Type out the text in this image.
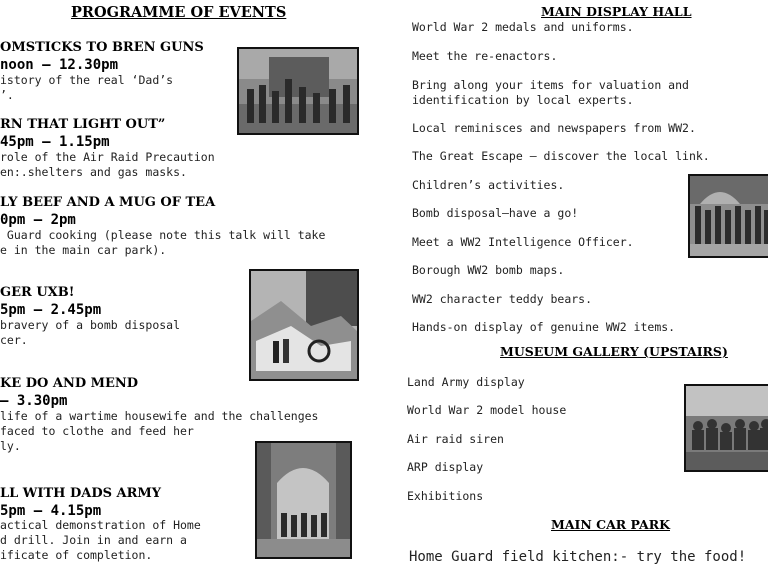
PROGRAMME OF EVENTS
OMSTICKS TO BREN GUNS
noon — 12.30pm
istory of the real ‘Dad’s
’.
RN THAT LIGHT OUT”
45pm — 1.15pm
role of the Air Raid Precaution
en:.shelters and gas masks.
LY BEEF AND A MUG OF TEA
0pm — 2pm
Guard cooking (please note this talk will take
e in the main car park).
GER UXB!
5pm — 2.45pm
bravery of a bomb disposal
cer.
KE DO AND MEND
— 3.30pm
life of a wartime housewife and the challenges
faced to clothe and feed her
ly.
LL WITH DADS ARMY
5pm — 4.15pm
actical demonstration of Home
d drill. Join in and earn a
ificate of completion.
MAIN DISPLAY HALL
World War 2 medals and uniforms.
Meet the re-enactors.
Bring along your items for valuation and
identification by local experts.
Local reminisces and newspapers from WW2.
The Great Escape — discover the local link.
Children’s activities.
Bomb disposal—have a go!
Meet a WW2 Intelligence Officer.
Borough WW2 bomb maps.
WW2 character teddy bears.
Hands-on display of genuine WW2 items.
MUSEUM GALLERY (UPSTAIRS)
Land Army display
World War 2 model house
Air raid siren
ARP display
Exhibitions
MAIN CAR PARK
Home Guard field kitchen:- try the food!
